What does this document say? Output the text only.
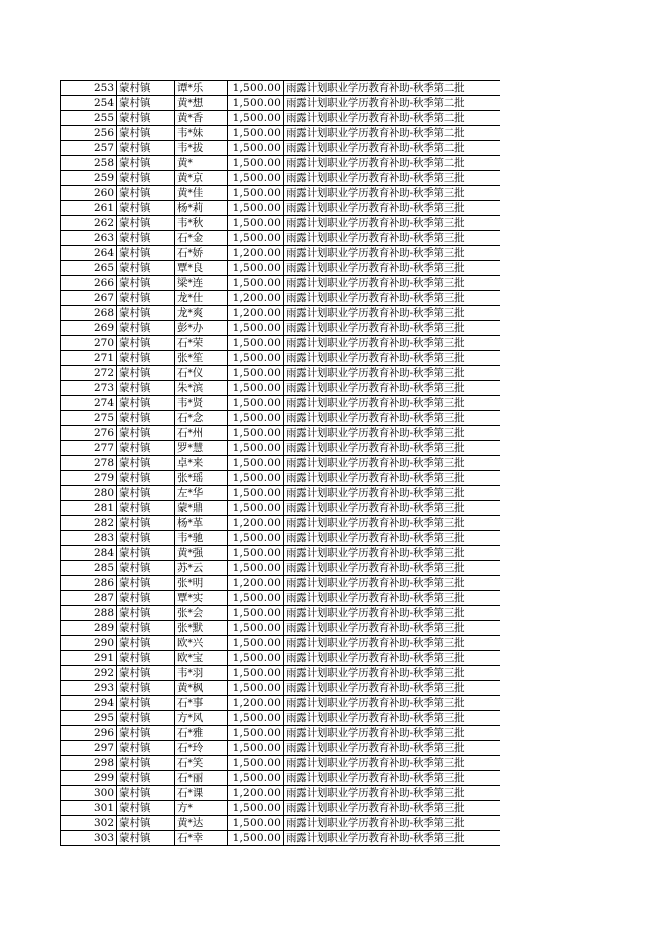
253	蒙村镇	谭*乐	1,500.00	雨露计划职业学历教育补助-秋季第二批
254	蒙村镇	黄*想	1,500.00	雨露计划职业学历教育补助-秋季第二批
255	蒙村镇	黄*香	1,500.00	雨露计划职业学历教育补助-秋季第二批
256	蒙村镇	韦*妹	1,500.00	雨露计划职业学历教育补助-秋季第二批
257	蒙村镇	韦*拔	1,500.00	雨露计划职业学历教育补助-秋季第二批
258	蒙村镇	黄*	1,500.00	雨露计划职业学历教育补助-秋季第二批
259	蒙村镇	黄*京	1,500.00	雨露计划职业学历教育补助-秋季第三批
260	蒙村镇	黄*佳	1,500.00	雨露计划职业学历教育补助-秋季第三批
261	蒙村镇	杨*莉	1,500.00	雨露计划职业学历教育补助-秋季第三批
262	蒙村镇	韦*秋	1,500.00	雨露计划职业学历教育补助-秋季第三批
263	蒙村镇	石*金	1,500.00	雨露计划职业学历教育补助-秋季第三批
264	蒙村镇	石*娇	1,200.00	雨露计划职业学历教育补助-秋季第三批
265	蒙村镇	覃*良	1,500.00	雨露计划职业学历教育补助-秋季第三批
266	蒙村镇	梁*连	1,500.00	雨露计划职业学历教育补助-秋季第三批
267	蒙村镇	龙*仕	1,200.00	雨露计划职业学历教育补助-秋季第三批
268	蒙村镇	龙*爽	1,200.00	雨露计划职业学历教育补助-秋季第三批
269	蒙村镇	彭*办	1,500.00	雨露计划职业学历教育补助-秋季第三批
270	蒙村镇	石*荣	1,500.00	雨露计划职业学历教育补助-秋季第三批
271	蒙村镇	张*笙	1,500.00	雨露计划职业学历教育补助-秋季第三批
272	蒙村镇	石*仪	1,500.00	雨露计划职业学历教育补助-秋季第三批
273	蒙村镇	朱*滨	1,500.00	雨露计划职业学历教育补助-秋季第三批
274	蒙村镇	韦*贤	1,500.00	雨露计划职业学历教育补助-秋季第三批
275	蒙村镇	石*念	1,500.00	雨露计划职业学历教育补助-秋季第三批
276	蒙村镇	石*州	1,500.00	雨露计划职业学历教育补助-秋季第三批
277	蒙村镇	罗*慧	1,500.00	雨露计划职业学历教育补助-秋季第三批
278	蒙村镇	卓*来	1,500.00	雨露计划职业学历教育补助-秋季第三批
279	蒙村镇	张*瑶	1,500.00	雨露计划职业学历教育补助-秋季第三批
280	蒙村镇	左*华	1,500.00	雨露计划职业学历教育补助-秋季第三批
281	蒙村镇	蒙*鼎	1,500.00	雨露计划职业学历教育补助-秋季第三批
282	蒙村镇	杨*革	1,200.00	雨露计划职业学历教育补助-秋季第三批
283	蒙村镇	韦*驰	1,500.00	雨露计划职业学历教育补助-秋季第三批
284	蒙村镇	黄*强	1,500.00	雨露计划职业学历教育补助-秋季第三批
285	蒙村镇	苏*云	1,500.00	雨露计划职业学历教育补助-秋季第三批
286	蒙村镇	张*明	1,200.00	雨露计划职业学历教育补助-秋季第三批
287	蒙村镇	覃*实	1,500.00	雨露计划职业学历教育补助-秋季第三批
288	蒙村镇	张*会	1,500.00	雨露计划职业学历教育补助-秋季第三批
289	蒙村镇	张*默	1,500.00	雨露计划职业学历教育补助-秋季第三批
290	蒙村镇	欧*兴	1,500.00	雨露计划职业学历教育补助-秋季第三批
291	蒙村镇	欧*宝	1,500.00	雨露计划职业学历教育补助-秋季第三批
292	蒙村镇	韦*羽	1,500.00	雨露计划职业学历教育补助-秋季第三批
293	蒙村镇	黄*枫	1,500.00	雨露计划职业学历教育补助-秋季第三批
294	蒙村镇	石*事	1,200.00	雨露计划职业学历教育补助-秋季第三批
295	蒙村镇	方*风	1,500.00	雨露计划职业学历教育补助-秋季第三批
296	蒙村镇	石*雅	1,500.00	雨露计划职业学历教育补助-秋季第三批
297	蒙村镇	石*玲	1,500.00	雨露计划职业学历教育补助-秋季第三批
298	蒙村镇	石*笑	1,500.00	雨露计划职业学历教育补助-秋季第三批
299	蒙村镇	石*丽	1,500.00	雨露计划职业学历教育补助-秋季第三批
300	蒙村镇	石*课	1,200.00	雨露计划职业学历教育补助-秋季第三批
301	蒙村镇	方*	1,500.00	雨露计划职业学历教育补助-秋季第三批
302	蒙村镇	黄*达	1,500.00	雨露计划职业学历教育补助-秋季第三批
303	蒙村镇	石*幸	1,500.00	雨露计划职业学历教育补助-秋季第三批
